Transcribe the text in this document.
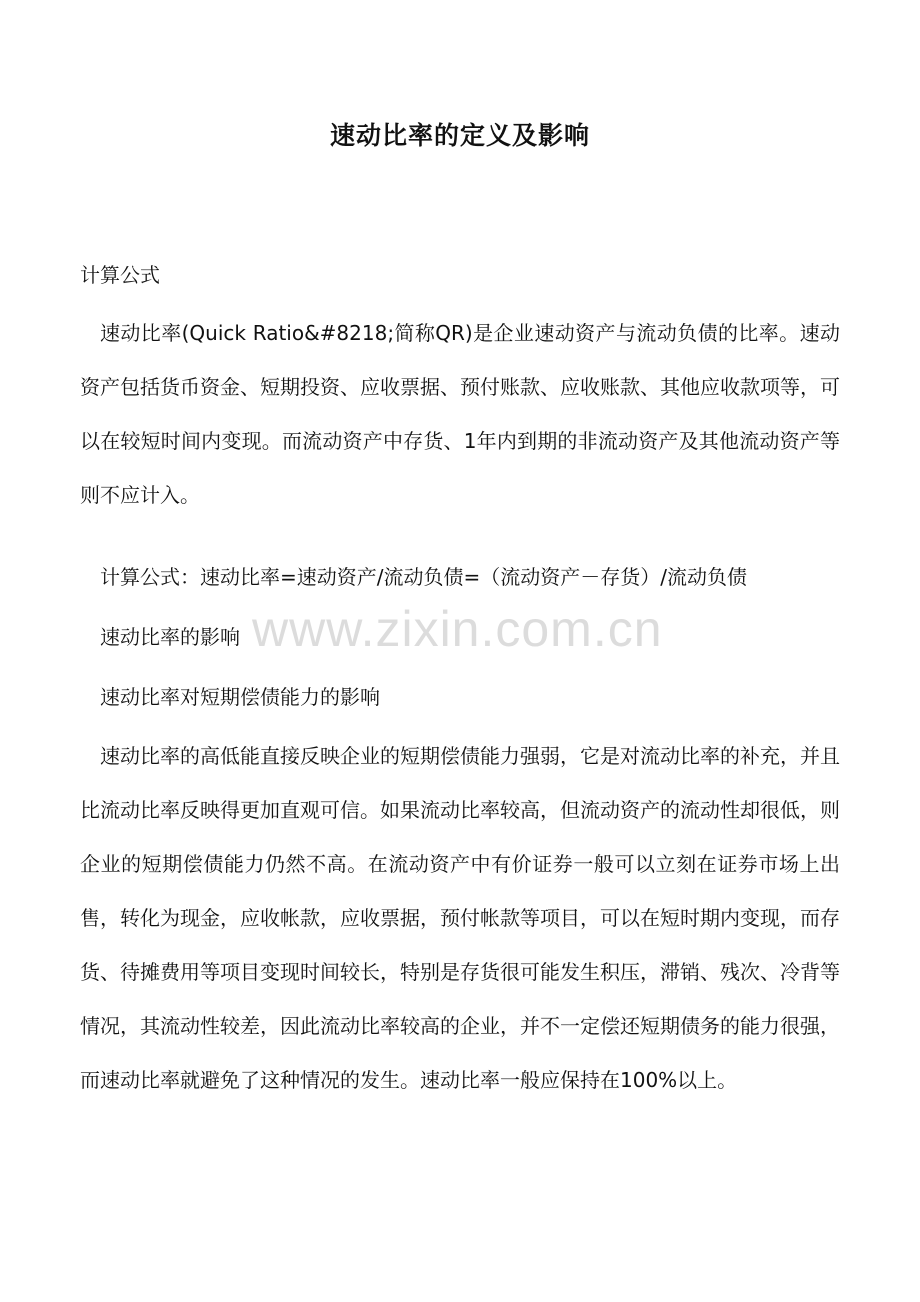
速动比率的定义及影响
计算公式

速动比率(Quick Ratio&#8218;简称QR)是企业速动资产与流动负债的比率。速动资产包括货币资金、短期投资、应收票据、预付账款、应收账款、其他应收款项等，可以在较短时间内变现。而流动资产中存货、1年内到期的非流动资产及其他流动资产等则不应计入。

计算公式：速动比率=速动资产/流动负债=（流动资产－存货）/流动负债

速动比率的影响

速动比率对短期偿债能力的影响

速动比率的高低能直接反映企业的短期偿债能力强弱，它是对流动比率的补充，并且比流动比率反映得更加直观可信。如果流动比率较高，但流动资产的流动性却很低，则企业的短期偿债能力仍然不高。在流动资产中有价证券一般可以立刻在证券市场上出售，转化为现金，应收帐款，应收票据，预付帐款等项目，可以在短时期内变现，而存货、待摊费用等项目变现时间较长，特别是存货很可能发生积压，滞销、残次、冷背等情况，其流动性较差，因此流动比率较高的企业，并不一定偿还短期债务的能力很强，而速动比率就避免了这种情况的发生。速动比率一般应保持在100%以上。

www.zixin.com.cn
